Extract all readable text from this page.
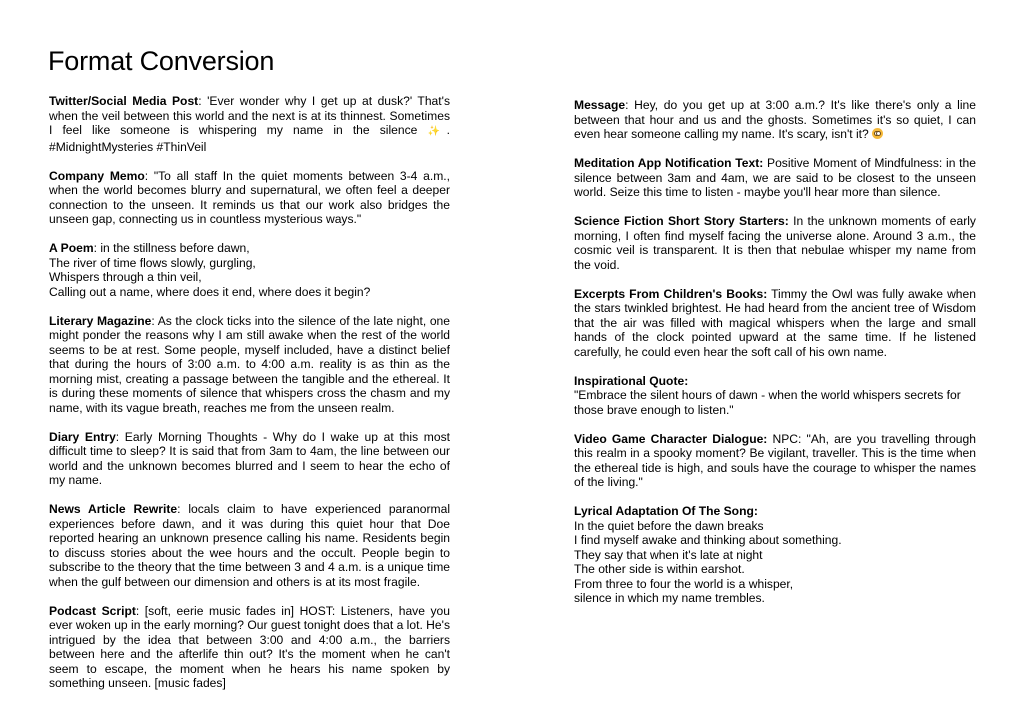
Format Conversion

Twitter/Social Media Post: 'Ever wonder why I get up at dusk?' That's when the veil between this world and the next is at its thinnest. Sometimes I feel like someone is whispering my name in the silence ✨. #MidnightMysteries #ThinVeil

Company Memo: "To all staff In the quiet moments between 3-4 a.m., when the world becomes blurry and supernatural, we often feel a deeper connection to the unseen. It reminds us that our work also bridges the unseen gap, connecting us in countless mysterious ways."

A Poem: in the stillness before dawn,
The river of time flows slowly, gurgling,
Whispers through a thin veil,
Calling out a name, where does it end, where does it begin?

Literary Magazine: As the clock ticks into the silence of the late night, one might ponder the reasons why I am still awake when the rest of the world seems to be at rest. Some people, myself included, have a distinct belief that during the hours of 3:00 a.m. to 4:00 a.m. reality is as thin as the morning mist, creating a passage between the tangible and the ethereal. It is during these moments of silence that whispers cross the chasm and my name, with its vague breath, reaches me from the unseen realm.

Diary Entry: Early Morning Thoughts - Why do I wake up at this most difficult time to sleep? It is said that from 3am to 4am, the line between our world and the unknown becomes blurred and I seem to hear the echo of my name.

News Article Rewrite: locals claim to have experienced paranormal experiences before dawn, and it was during this quiet hour that Doe reported hearing an unknown presence calling his name. Residents begin to discuss stories about the wee hours and the occult. People begin to subscribe to the theory that the time between 3 and 4 a.m. is a unique time when the gulf between our dimension and others is at its most fragile.

Podcast Script: [soft, eerie music fades in] HOST: Listeners, have you ever woken up in the early morning? Our guest tonight does that a lot. He's intrigued by the idea that between 3:00 and 4:00 a.m., the barriers between here and the afterlife thin out? It's the moment when he can't seem to escape, the moment when he hears his name spoken by something unseen. [music fades]

Message: Hey, do you get up at 3:00 a.m.? It's like there's only a line between that hour and us and the ghosts. Sometimes it's so quiet, I can even hear someone calling my name. It's scary, isn't it?

Meditation App Notification Text: Positive Moment of Mindfulness: in the silence between 3am and 4am, we are said to be closest to the unseen world. Seize this time to listen - maybe you'll hear more than silence.

Science Fiction Short Story Starters: In the unknown moments of early morning, I often find myself facing the universe alone. Around 3 a.m., the cosmic veil is transparent. It is then that nebulae whisper my name from the void.

Excerpts From Children's Books: Timmy the Owl was fully awake when the stars twinkled brightest. He had heard from the ancient tree of Wisdom that the air was filled with magical whispers when the large and small hands of the clock pointed upward at the same time. If he listened carefully, he could even hear the soft call of his own name.

Inspirational Quote:
"Embrace the silent hours of dawn - when the world whispers secrets for those brave enough to listen."

Video Game Character Dialogue: NPC: "Ah, are you travelling through this realm in a spooky moment? Be vigilant, traveller. This is the time when the ethereal tide is high, and souls have the courage to whisper the names of the living."

Lyrical Adaptation Of The Song:
In the quiet before the dawn breaks
I find myself awake and thinking about something.
They say that when it's late at night
The other side is within earshot.
From three to four the world is a whisper,
silence in which my name trembles.
